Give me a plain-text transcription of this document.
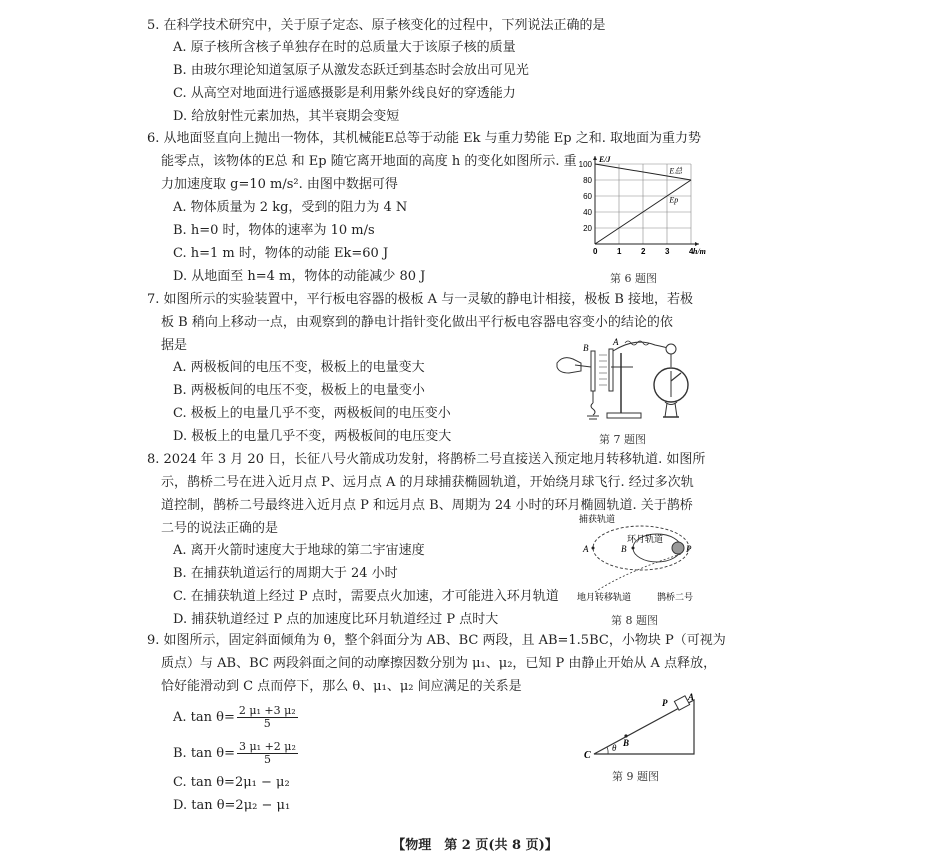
5. 在科学技术研究中，关于原子定态、原子核变化的过程中，下列说法正确的是
A. 原子核所含核子单独存在时的总质量大于该原子核的质量
B. 由玻尔理论知道氢原子从激发态跃迁到基态时会放出可见光
C. 从高空对地面进行遥感摄影是利用紫外线良好的穿透能力
D. 给放射性元素加热，其半衰期会变短
6. 从地面竖直向上抛出一物体，其机械能E总等于动能 Ek 与重力势能 Ep 之和. 取地面为重力势
能零点，该物体的E总 和 Ep 随它离开地面的高度 h 的变化如图所示. 重
力加速度取 g=10 m/s². 由图中数据可得
A. 物体质量为 2 kg，受到的阻力为 4 N
B. h=0 时，物体的速率为 10 m/s
C. h=1 m 时，物体的动能 Ek=60 J
D. 从地面至 h=4 m，物体的动能减少 80 J
0 1 2 3 4
20
40
60
80
100
E总
Ep
h/m
E/J
第 6 题图
7. 如图所示的实验装置中，平行板电容器的极板 A 与一灵敏的静电计相接，极板 B 接地，若极
板 B 稍向上移动一点，由观察到的静电计指针变化做出平行板电容器电容变小的结论的依
据是
A. 两极板间的电压不变，极板上的电量变大
B. 两极板间的电压不变，极板上的电量变小
C. 极板上的电量几乎不变，两极板间的电压变小
D. 极板上的电量几乎不变，两极板间的电压变大
B
A
第 7 题图
8. 2024 年 3 月 20 日，长征八号火箭成功发射，将鹊桥二号直接送入预定地月转移轨道. 如图所
示，鹊桥二号在进入近月点 P、远月点 A 的月球捕获椭圆轨道，开始绕月球飞行. 经过多次轨
道控制，鹊桥二号最终进入近月点 P 和远月点 B、周期为 24 小时的环月椭圆轨道. 关于鹊桥
二号的说法正确的是
A. 离开火箭时速度大于地球的第二宇宙速度
B. 在捕获轨道运行的周期大于 24 小时
C. 在捕获轨道上经过 P 点时，需要点火加速，才可能进入环月轨道
D. 捕获轨道经过 P 点的加速度比环月轨道经过 P 点时大
A	B	P
捕获轨道
环月轨道
地月转移轨道	鹊桥二号
第 8 题图
9. 如图所示，固定斜面倾角为 θ，整个斜面分为 AB、BC 两段，且 AB=1.5BC，小物块 P（可视为
质点）与 AB、BC 两段斜面之间的动摩擦因数分别为 μ₁、μ₂，已知 P 由静止开始从 A 点释放，
恰好能滑动到 C 点而停下，那么 θ、μ₁、μ₂ 间应满足的关系是
A. $\tan \theta= \frac{\text{2 μ₁ +3 μ₂}}{5}$
B. $\tan \theta= \frac{\text{3 μ₁ +2 μ₂}}{5}$
C. tan θ=2μ₁ − μ₂
D. tan θ=2μ₂ − μ₁
C
θ B
P
A
第 9 题图
【物理　第 2 页(共 8 页)】
